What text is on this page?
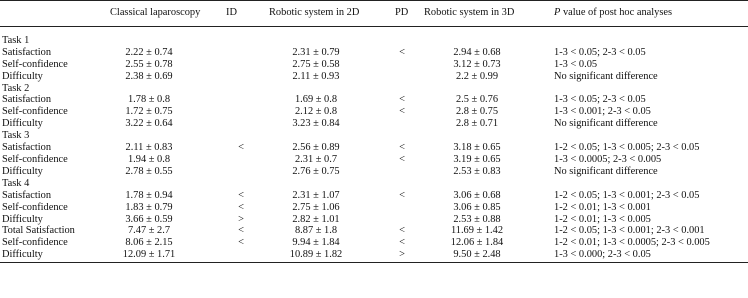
	Classical laparoscopy	ID	Robotic system in 2D	PD	Robotic system in 3D	P value of post hoc analyses

Task 1						
Satisfaction	2.22 ± 0.74		2.31 ± 0.79	<	2.94 ± 0.68	1-3 < 0.05; 2-3 < 0.05
Self-confidence	2.55 ± 0.78		2.75 ± 0.58		3.12 ± 0.73	1-3 < 0.05
Difficulty	2.38 ± 0.69		2.11 ± 0.93		2.2 ± 0.99	No significant difference
Task 2						
Satisfaction	1.78 ± 0.8		1.69 ± 0.8	<	2.5 ± 0.76	1-3 < 0.05; 2-3 < 0.05
Self-confidence	1.72 ± 0.75		2.12 ± 0.8	<	2.8 ± 0.75	1-3 < 0.001; 2-3 < 0.05
Difficulty	3.22 ± 0.64		3.23 ± 0.84		2.8 ± 0.71	No significant difference
Task 3						
Satisfaction	2.11 ± 0.83	<	2.56 ± 0.89	<	3.18 ± 0.65	1-2 < 0.05; 1-3 < 0.005; 2-3 < 0.05
Self-confidence	1.94 ± 0.8		2.31 ± 0.7	<	3.19 ± 0.65	1-3 < 0.0005; 2-3 < 0.005
Difficulty	2.78 ± 0.55		2.76 ± 0.75		2.53 ± 0.83	No significant difference
Task 4						
Satisfaction	1.78 ± 0.94	<	2.31 ± 1.07	<	3.06 ± 0.68	1-2 < 0.05; 1-3 < 0.001; 2-3 < 0.05
Self-confidence	1.83 ± 0.79	<	2.75 ± 1.06		3.06 ± 0.85	1-2 < 0.01; 1-3 < 0.001
Difficulty	3.66 ± 0.59	>	2.82 ± 1.01		2.53 ± 0.88	1-2 < 0.01; 1-3 < 0.005
Total Satisfaction	7.47 ± 2.7	<	8.87 ± 1.8	<	11.69 ± 1.42	1-2 < 0.05; 1-3 < 0.001; 2-3 < 0.001
Self-confidence	8.06 ± 2.15	<	9.94 ± 1.84	<	12.06 ± 1.84	1-2 < 0.01; 1-3 < 0.0005; 2-3 < 0.005
Difficulty	12.09 ± 1.71		10.89 ± 1.82	>	9.50 ± 2.48	1-3 < 0.000; 2-3 < 0.05
